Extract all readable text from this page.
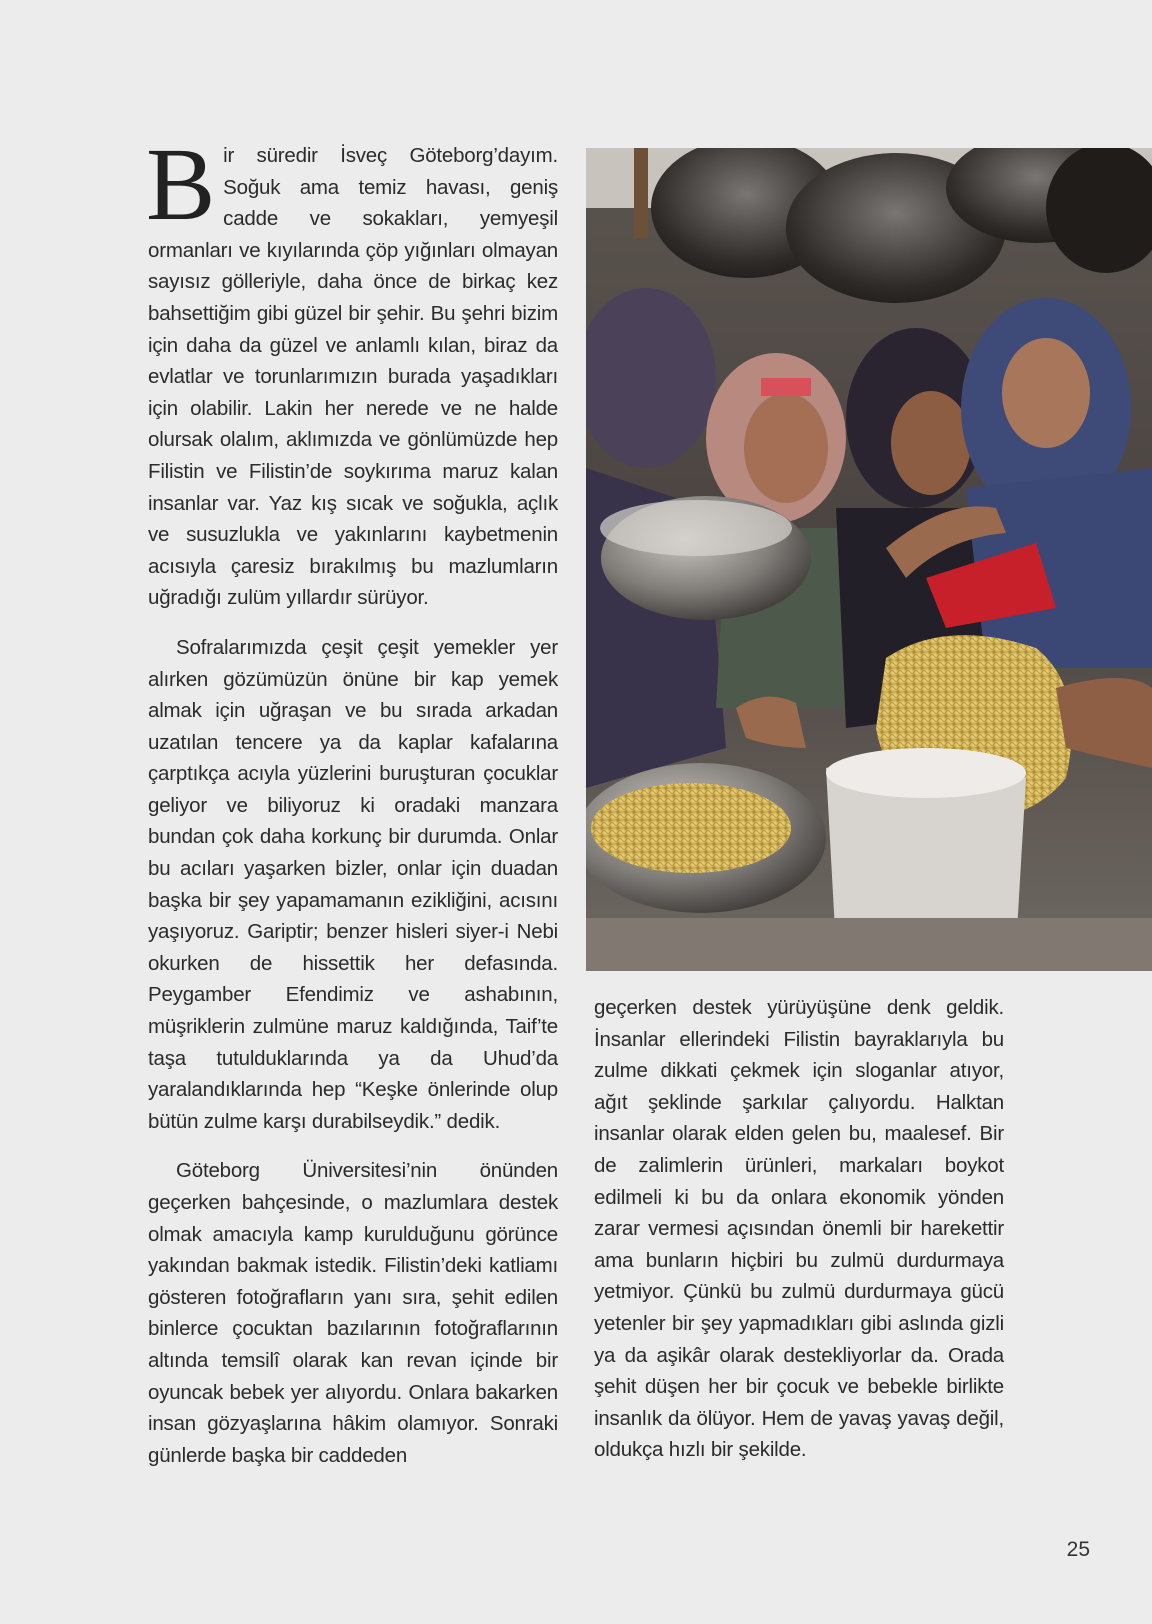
Bir süredir İsveç Göteborg’dayım. Soğuk ama temiz havası, geniş cadde ve sokakları, yemyeşil ormanları ve kıyılarında çöp yığınları olmayan sayısız gölleriyle, daha önce de birkaç kez bahsettiğim gibi güzel bir şehir. Bu şehri bizim için daha da güzel ve anlamlı kılan, biraz da evlatlar ve torunlarımızın burada yaşadıkları için olabilir. Lakin her nerede ve ne halde olursak olalım, aklımızda ve gönlümüzde hep Filistin ve Filistin’de soykırıma maruz kalan insanlar var. Yaz kış sıcak ve soğukla, açlık ve susuzlukla ve yakınlarını kaybetmenin acısıyla çaresiz bırakılmış bu mazlumların uğradığı zulüm yıllardır sürüyor.

Sofralarımızda çeşit çeşit yemekler yer alırken gözümüzün önüne bir kap yemek almak için uğraşan ve bu sırada arkadan uzatılan tencere ya da kaplar kafalarına çarptıkça acıyla yüzlerini buruşturan çocuklar geliyor ve biliyoruz ki oradaki manzara bundan çok daha korkunç bir durumda. Onlar bu acıları yaşarken bizler, onlar için duadan başka bir şey yapamamanın ezikliğini, acısını yaşıyoruz. Gariptir; benzer hisleri siyer-i Nebi okurken de hissettik her defasında. Peygamber Efendimiz ve ashabının, müşriklerin zulmüne maruz kaldığında, Taif’te taşa tutulduklarında ya da Uhud’da yaralandıklarında hep “Keşke önlerinde olup bütün zulme karşı durabilseydik.” dedik.

Göteborg Üniversitesi’nin önünden geçerken bahçesinde, o mazlumlara destek olmak amacıyla kamp kurulduğunu görünce yakından bakmak istedik. Filistin’deki katliamı gösteren fotoğrafların yanı sıra, şehit edilen binlerce çocuktan bazılarının fotoğraflarının altında temsilî olarak kan revan içinde bir oyuncak bebek yer alıyordu. Onlara bakarken insan gözyaşlarına hâkim olamıyor. Sonraki günlerde başka bir caddeden

geçerken destek yürüyüşüne denk geldik. İnsanlar ellerindeki Filistin bayraklarıyla bu zulme dikkati çekmek için sloganlar atıyor, ağıt şeklinde şarkılar çalıyordu. Halktan insanlar olarak elden gelen bu, maalesef. Bir de zalimlerin ürünleri, markaları boykot edilmeli ki bu da onlara ekonomik yönden zarar vermesi açısından önemli bir harekettir ama bunların hiçbiri bu zulmü durdurmaya yetmiyor. Çünkü bu zulmü durdurmaya gücü yetenler bir şey yapmadıkları gibi aslında gizli ya da aşikâr olarak destekliyorlar da. Orada şehit düşen her bir çocuk ve bebekle birlikte insanlık da ölüyor. Hem de yavaş yavaş değil, oldukça hızlı bir şekilde.

25
